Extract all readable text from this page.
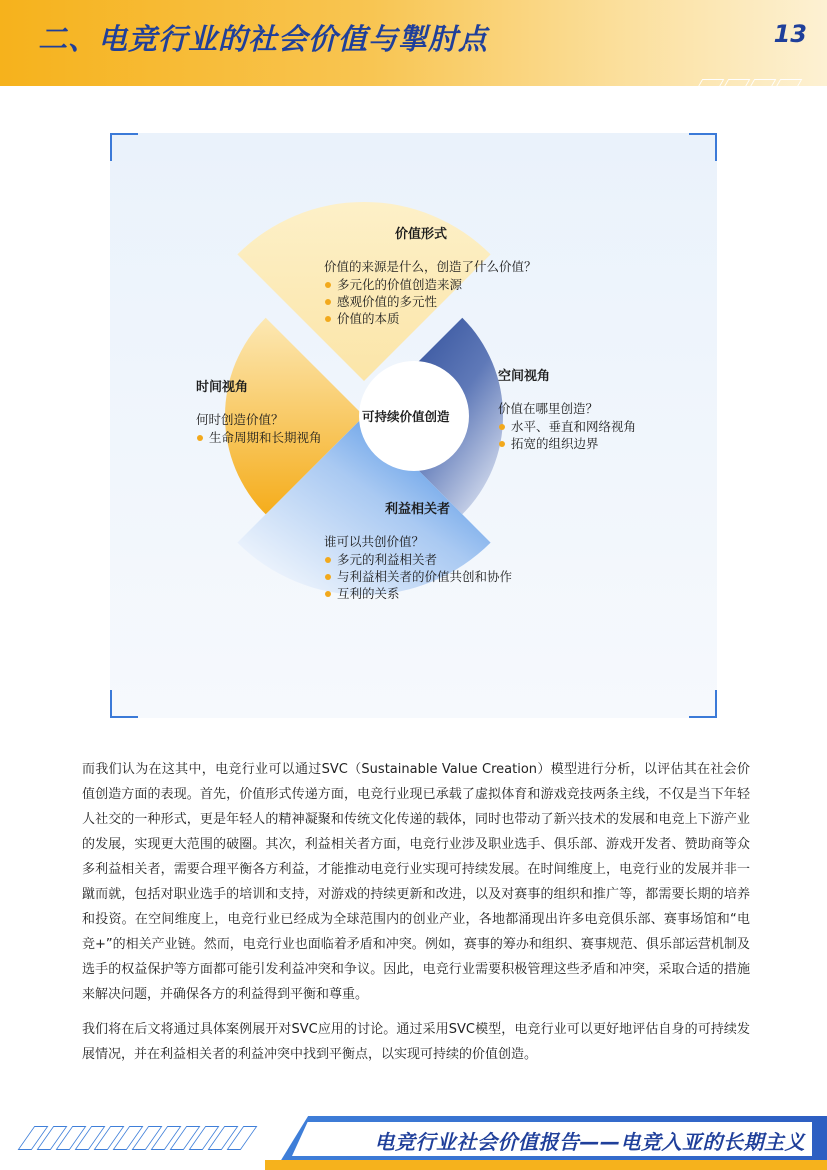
二、电竞行业的社会价值与掣肘点	13
可持续价值创造
价值形式
价值的来源是什么，创造了什么价值？
多元化的价值创造来源
感观价值的多元性
价值的本质
时间视角
何时创造价值？
生命周期和长期视角
空间视角
价值在哪里创造？
水平、垂直和网络视角
拓宽的组织边界
利益相关者
谁可以共创价值？
多元的利益相关者
与利益相关者的价值共创和协作
互利的关系

而我们认为在这其中，电竞行业可以通过SVC（Sustainable Value Creation）模型进行分析，以评估其在社会价值创造方面的表现。首先，价值形式传递方面，电竞行业现已承载了虚拟体育和游戏竞技两条主线，不仅是当下年轻人社交的一种形式，更是年轻人的精神凝聚和传统文化传递的载体，同时也带动了新兴技术的发展和电竞上下游产业的发展，实现更大范围的破圈。其次，利益相关者方面，电竞行业涉及职业选手、俱乐部、游戏开发者、赞助商等众多利益相关者，需要合理平衡各方利益，才能推动电竞行业实现可持续发展。在时间维度上，电竞行业的发展并非一蹴而就，包括对职业选手的培训和支持，对游戏的持续更新和改进，以及对赛事的组织和推广等，都需要长期的培养和投资。在空间维度上，电竞行业已经成为全球范围内的创业产业，各地都涌现出许多电竞俱乐部、赛事场馆和“电竞+”的相关产业链。然而，电竞行业也面临着矛盾和冲突。例如，赛事的筹办和组织、赛事规范、俱乐部运营机制及选手的权益保护等方面都可能引发利益冲突和争议。因此，电竞行业需要积极管理这些矛盾和冲突，采取合适的措施来解决问题，并确保各方的利益得到平衡和尊重。

我们将在后文将通过具体案例展开对SVC应用的讨论。通过采用SVC模型，电竞行业可以更好地评估自身的可持续发展情况，并在利益相关者的利益冲突中找到平衡点，以实现可持续的价值创造。

电竞行业社会价值报告——电竞入亚的长期主义
